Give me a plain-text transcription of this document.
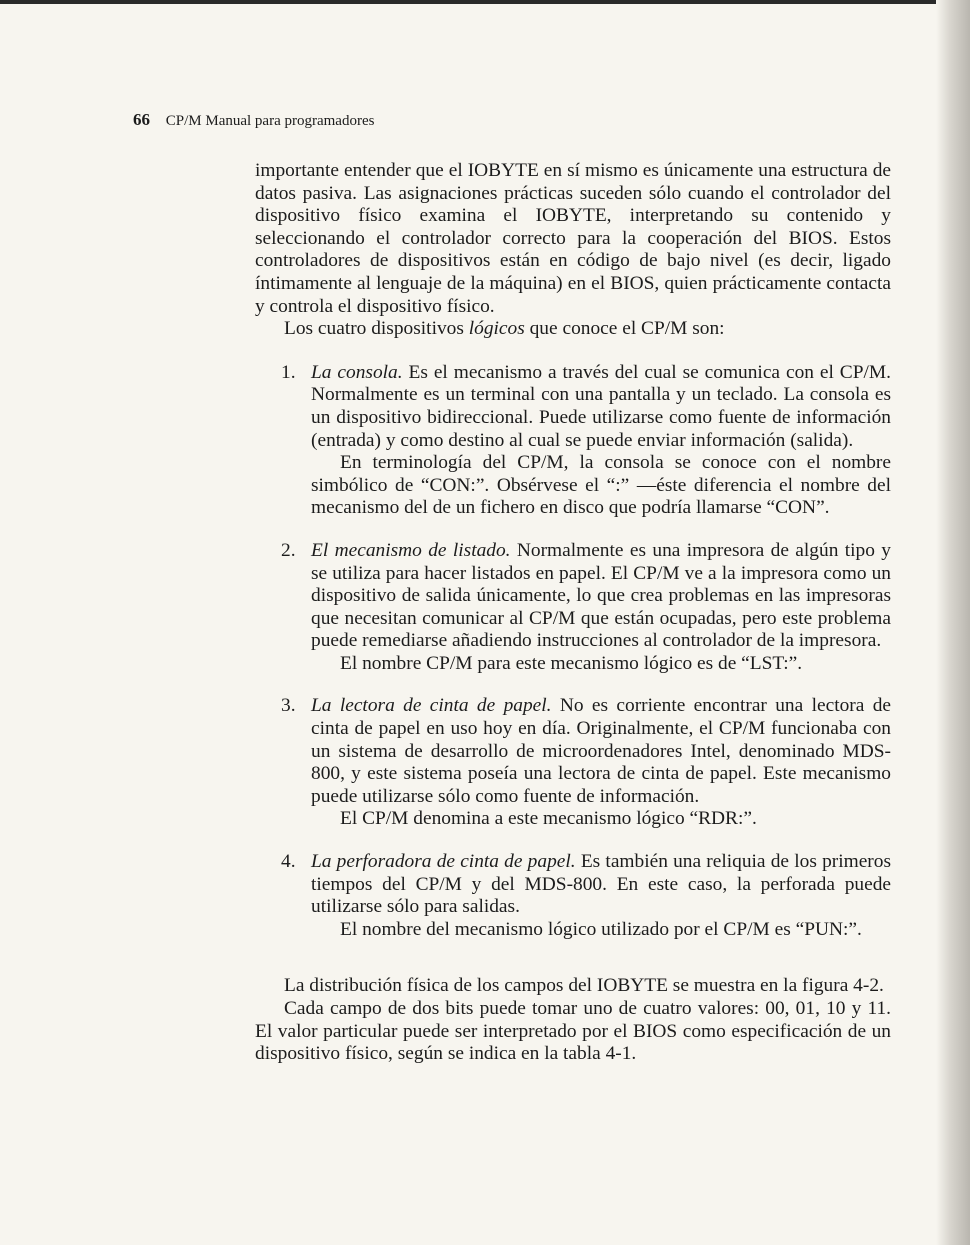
66 CP/M Manual para programadores

importante entender que el IOBYTE en sí mismo es únicamente una estructura de datos pasiva. Las asignaciones prácticas suceden sólo cuando el controlador del dispositivo físico examina el IOBYTE, interpretando su contenido y seleccionando el controlador correcto para la cooperación del BIOS. Estos controladores de dispositivos están en código de bajo nivel (es decir, ligado íntimamente al lenguaje de la máquina) en el BIOS, quien prácticamente contacta y controla el dispositivo físico.

Los cuatro dispositivos lógicos que conoce el CP/M son:

1. La consola. Es el mecanismo a través del cual se comunica con el CP/M. Normalmente es un terminal con una pantalla y un teclado. La consola es un dispositivo bidireccional. Puede utilizarse como fuente de información (entrada) y como destino al cual se puede enviar información (salida).

En terminología del CP/M, la consola se conoce con el nombre simbólico de “CON:”. Obsérvese el “:” —éste diferencia el nombre del mecanismo del de un fichero en disco que podría llamarse “CON”.

2. El mecanismo de listado. Normalmente es una impresora de algún tipo y se utiliza para hacer listados en papel. El CP/M ve a la impresora como un dispositivo de salida únicamente, lo que crea problemas en las impresoras que necesitan comunicar al CP/M que están ocupadas, pero este problema puede remediarse añadiendo instrucciones al controlador de la impresora.

El nombre CP/M para este mecanismo lógico es de “LST:”.

3. La lectora de cinta de papel. No es corriente encontrar una lectora de cinta de papel en uso hoy en día. Originalmente, el CP/M funcionaba con un sistema de desarrollo de microordenadores Intel, denominado MDS-800, y este sistema poseía una lectora de cinta de papel. Este mecanismo puede utilizarse sólo como fuente de información.

El CP/M denomina a este mecanismo lógico “RDR:”.

4. La perforadora de cinta de papel. Es también una reliquia de los primeros tiempos del CP/M y del MDS-800. En este caso, la perforada puede utilizarse sólo para salidas.

El nombre del mecanismo lógico utilizado por el CP/M es “PUN:”.

La distribución física de los campos del IOBYTE se muestra en la figura 4-2.

Cada campo de dos bits puede tomar uno de cuatro valores: 00, 01, 10 y 11. El valor particular puede ser interpretado por el BIOS como especificación de un dispositivo físico, según se indica en la tabla 4-1.
